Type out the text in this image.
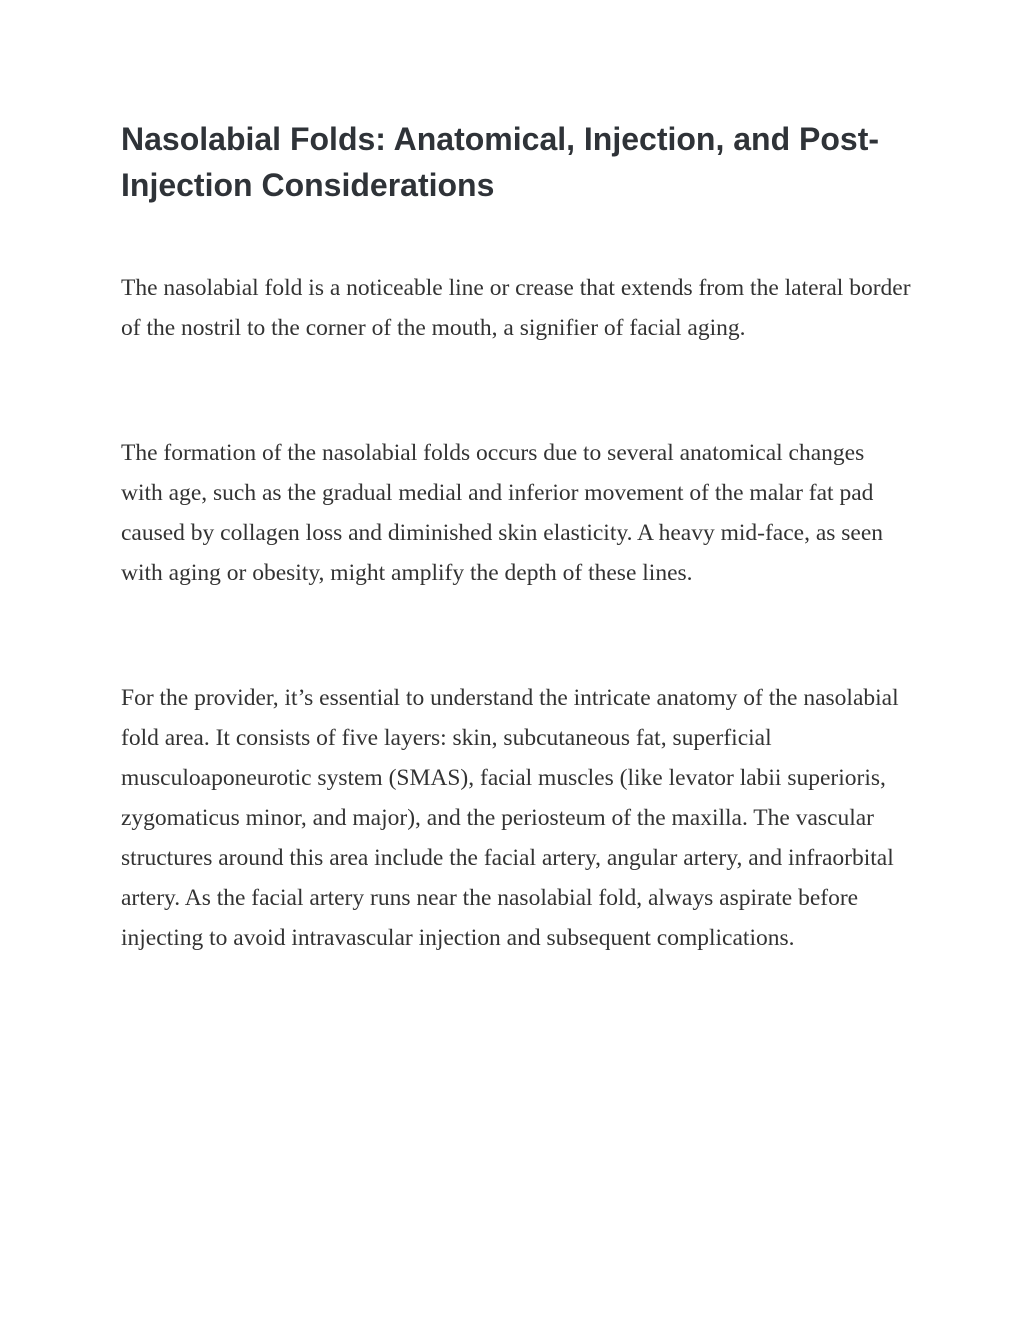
Nasolabial Folds: Anatomical, Injection, and Post-Injection Considerations

The nasolabial fold is a noticeable line or crease that extends from the lateral border of the nostril to the corner of the mouth, a signifier of facial aging.

The formation of the nasolabial folds occurs due to several anatomical changes with age, such as the gradual medial and inferior movement of the malar fat pad caused by collagen loss and diminished skin elasticity. A heavy mid-face, as seen with aging or obesity, might amplify the depth of these lines.

For the provider, it’s essential to understand the intricate anatomy of the nasolabial fold area. It consists of five layers: skin, subcutaneous fat, superficial musculoaponeurotic system (SMAS), facial muscles (like levator labii superioris, zygomaticus minor, and major), and the periosteum of the maxilla. The vascular structures around this area include the facial artery, angular artery, and infraorbital artery. As the facial artery runs near the nasolabial fold, always aspirate before injecting to avoid intravascular injection and subsequent complications.
